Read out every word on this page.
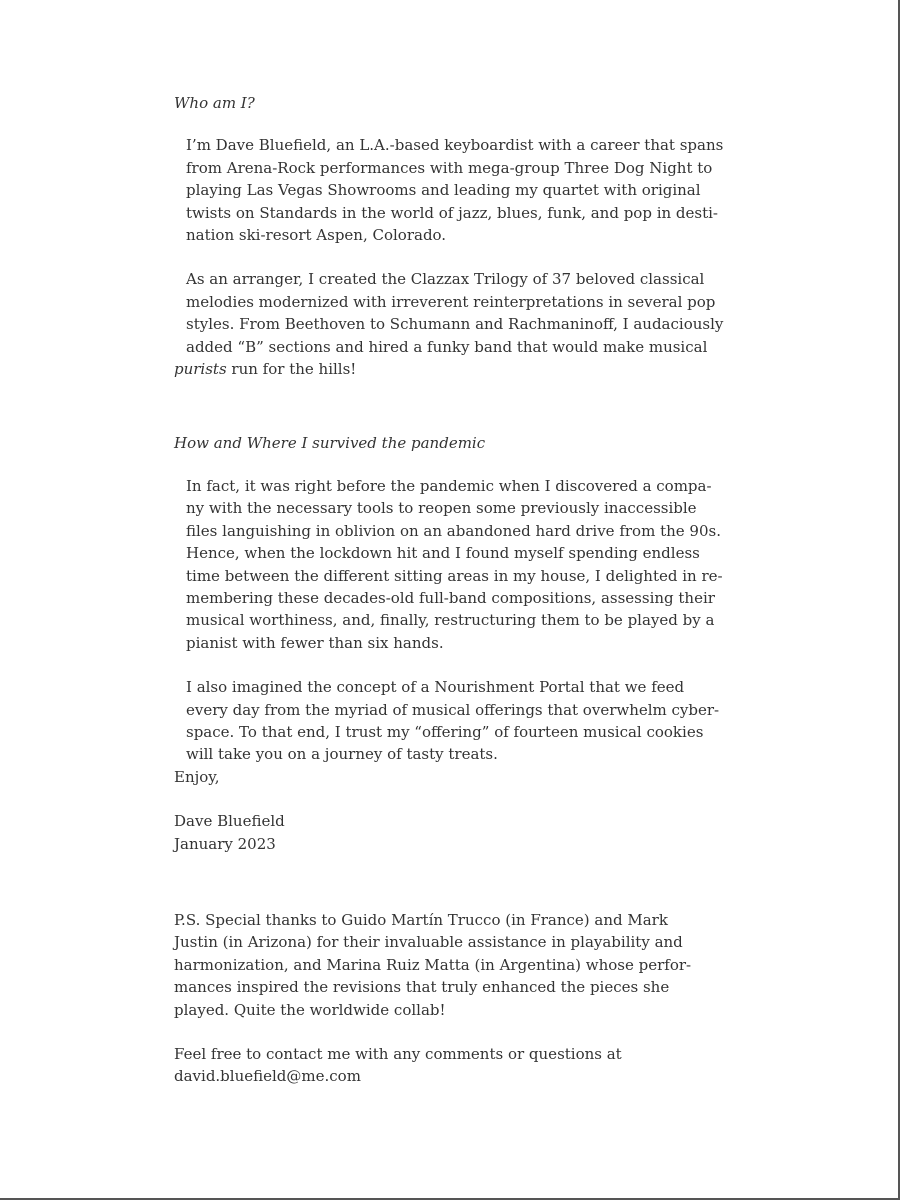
Who am I?
I’m Dave Bluefield, an L.A.-based keyboardist with a career that spans
from Arena-Rock performances with mega-group Three Dog Night to
playing Las Vegas Showrooms and leading my quartet with original
twists on Standards in the world of jazz, blues, funk, and pop in desti-
nation ski-resort Aspen, Colorado.
As an arranger, I created the Clazzax Trilogy of 37 beloved classical
melodies modernized with irreverent reinterpretations in several pop
styles. From Beethoven to Schumann and Rachmaninoff, I audaciously
added “B” sections and hired a funky band that would make musical
purists run for the hills!
How and Where I survived the pandemic
In fact, it was right before the pandemic when I discovered a compa-
ny with the necessary tools to reopen some previously inaccessible
files languishing in oblivion on an abandoned hard drive from the 90s.
Hence, when the lockdown hit and I found myself spending endless
time between the different sitting areas in my house, I delighted in re-
membering these decades-old full-band compositions, assessing their
musical worthiness, and, finally, restructuring them to be played by a
pianist with fewer than six hands.
I also imagined the concept of a Nourishment Portal that we feed
every day from the myriad of musical offerings that overwhelm cyber-
space. To that end, I trust my “offering” of fourteen musical cookies
will take you on a journey of tasty treats.
Enjoy,
Dave Bluefield
January 2023
P.S. Special thanks to Guido Martín Trucco (in France) and Mark
Justin (in Arizona) for their invaluable assistance in playability and
harmonization, and Marina Ruiz Matta (in Argentina) whose perfor-
mances inspired the revisions that truly enhanced the pieces she
played. Quite the worldwide collab!
Feel free to contact me with any comments or questions at
david.bluefield@me.com
